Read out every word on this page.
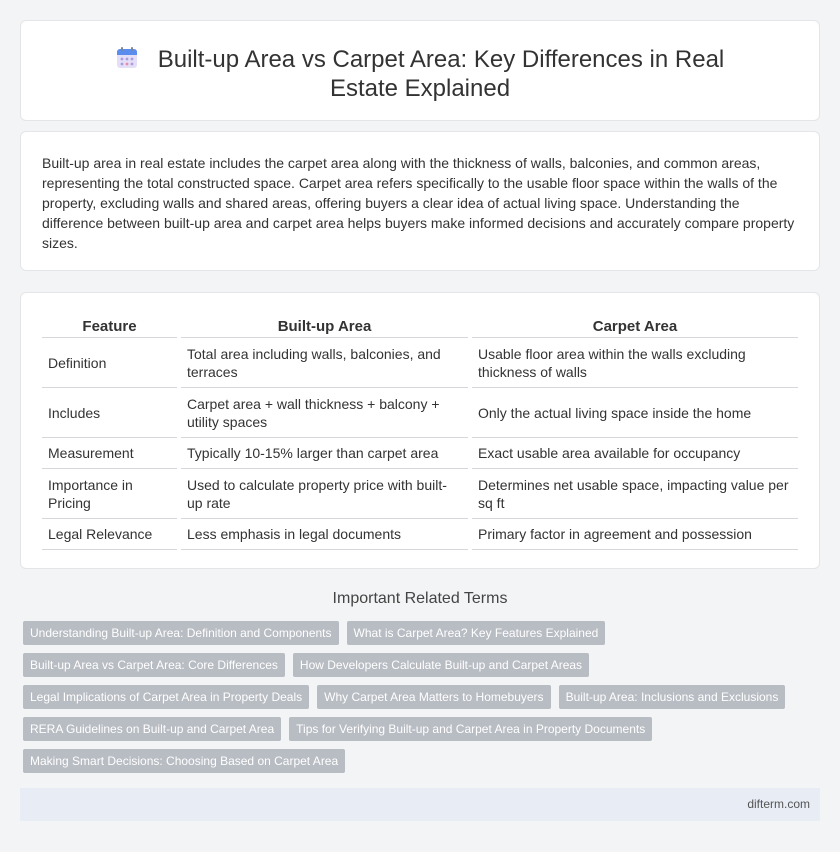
Built-up Area vs Carpet Area: Key Differences in Real Estate Explained

Built-up area in real estate includes the carpet area along with the thickness of walls, balconies, and common areas, representing the total constructed space. Carpet area refers specifically to the usable floor space within the walls of the property, excluding walls and shared areas, offering buyers a clear idea of actual living space. Understanding the difference between built-up area and carpet area helps buyers make informed decisions and accurately compare property sizes.

Feature	Built-up Area	Carpet Area
Definition	Total area including walls, balconies, and terraces	Usable floor area within the walls excluding thickness of walls
Includes	Carpet area + wall thickness + balcony + utility spaces	Only the actual living space inside the home
Measurement	Typically 10-15% larger than carpet area	Exact usable area available for occupancy
Importance in Pricing	Used to calculate property price with built-up rate	Determines net usable space, impacting value per sq ft
Legal Relevance	Less emphasis in legal documents	Primary factor in agreement and possession
Important Related Terms
Understanding Built-up Area: Definition and Components	What is Carpet Area? Key Features Explained
Built-up Area vs Carpet Area: Core Differences	How Developers Calculate Built-up and Carpet Areas
Legal Implications of Carpet Area in Property Deals	Why Carpet Area Matters to Homebuyers	Built-up Area: Inclusions and Exclusions
RERA Guidelines on Built-up and Carpet Area	Tips for Verifying Built-up and Carpet Area in Property Documents
Making Smart Decisions: Choosing Based on Carpet Area
difterm.com
